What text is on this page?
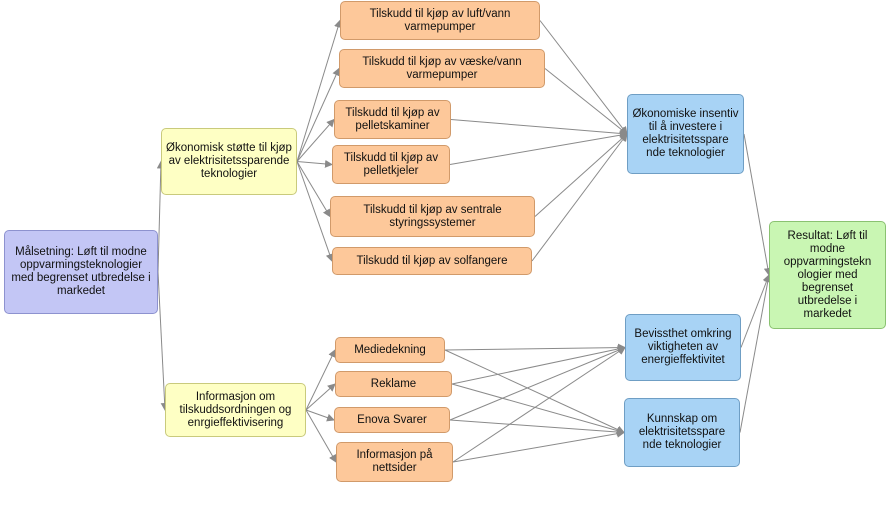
Målsetning: Løft til modne oppvarmingsteknologier med begrenset utbredelse i markedet
Økonomisk støtte til kjøp av elektrisitetssparende teknologier
Informasjon om tilskuddsordningen og enrgieffektivisering
Tilskudd til kjøp av luft/vann varmepumper
Tilskudd til kjøp av væske/vann varmepumper
Tilskudd til kjøp av pelletskaminer
Tilskudd til kjøp av pelletkjeler
Tilskudd til kjøp av sentrale styringssystemer
Tilskudd til kjøp av solfangere
Mediedekning
Reklame
Enova Svarer
Informasjon på nettsider
Økonomiske insentiv til å investere i elektrisitetsspare nde teknologier
Bevissthet omkring viktigheten av energieffektivitet
Kunnskap om elektrisitetsspare nde teknologier
Resultat: Løft til modne oppvarmingstekn ologier med begrenset utbredelse i markedet
